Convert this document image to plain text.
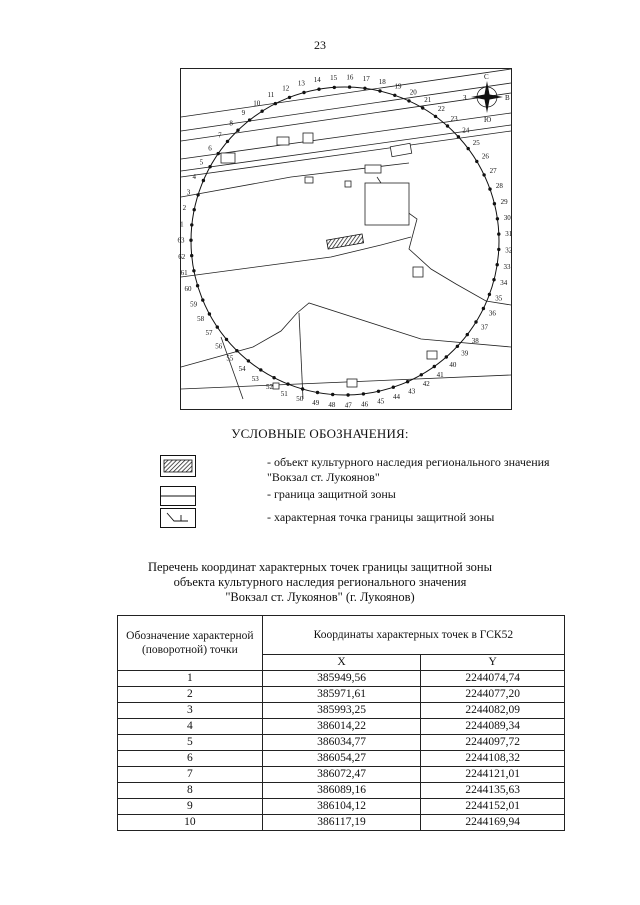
23
1
2
3
4
5
6
7
8
9
10
11
12
13 14 15 16 17 18
19
20
21
22
23
24
25
26
27
28
29
30
31
32
33
34
35
36
37
38
39
40
41
42
43
44
45
46
47
48
49
50
51
52
53
54
55
56
57
58
59
60
61
62
63
С
З	В
Ю
УСЛОВНЫЕ ОБОЗНАЧЕНИЯ:
- объект культурного наследия регионального значения "Вокзал ст. Лукоянов"
- граница защитной зоны
- характерная точка границы защитной зоны
Перечень координат характерных точек границы защитной зоны
объекта культурного наследия регионального значения
"Вокзал ст. Лукоянов" (г. Лукоянов)
Обозначение характерной (поворотной) точки	Координаты характерных точек в ГСК52	
	X	Y
1	385949,56	2244074,74
2	385971,61	2244077,20
3	385993,25	2244082,09
4	386014,22	2244089,34
5	386034,77	2244097,72
6	386054,27	2244108,32
7	386072,47	2244121,01
8	386089,16	2244135,63
9	386104,12	2244152,01
10	386117,19	2244169,94
